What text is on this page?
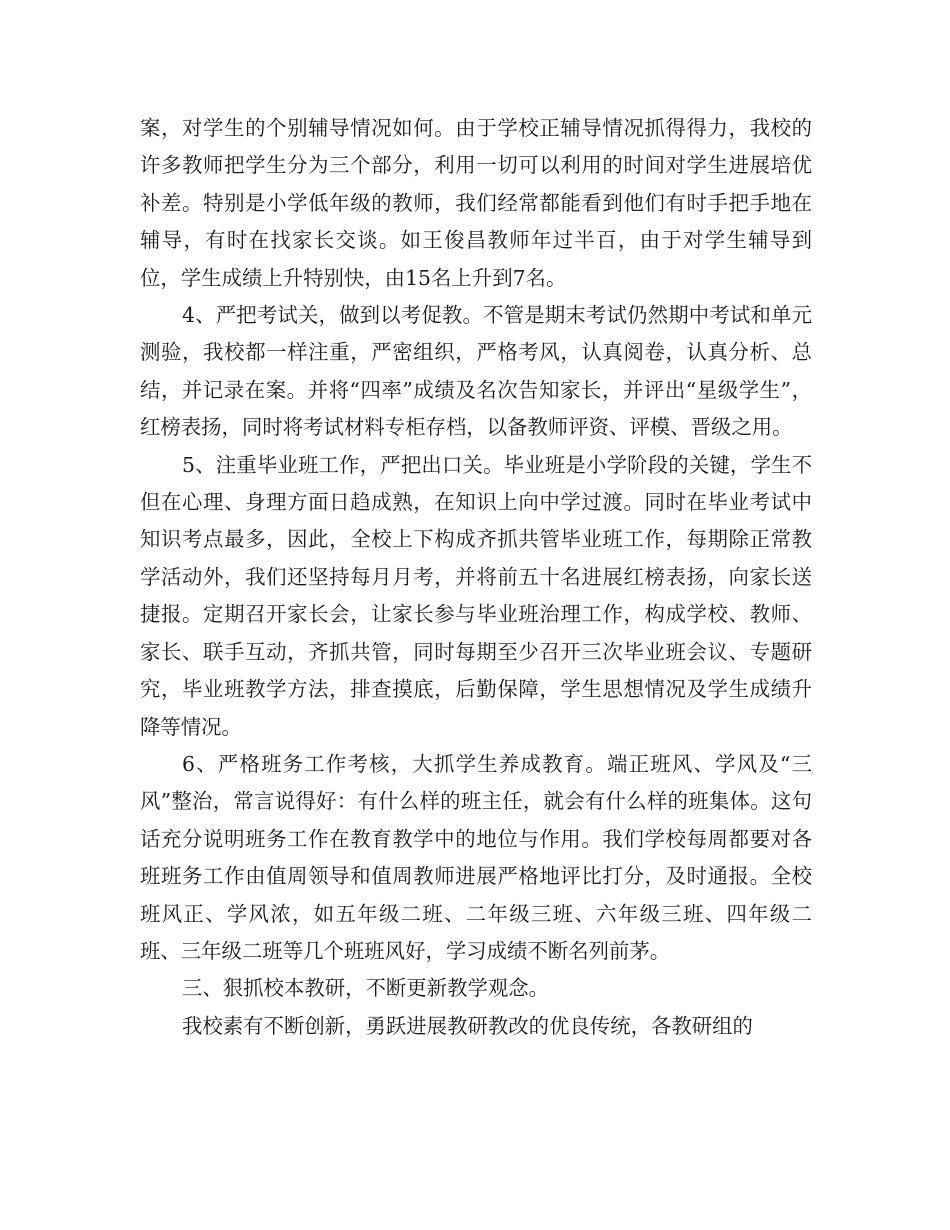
案，对学生的个别辅导情况如何。由于学校正辅导情况抓得得力，我校的许多教师把学生分为三个部分，利用一切可以利用的时间对学生进展培优补差。特别是小学低年级的教师，我们经常都能看到他们有时手把手地在辅导，有时在找家长交谈。如王俊昌教师年过半百，由于对学生辅导到位，学生成绩上升特别快，由15名上升到7名。

4、严把考试关，做到以考促教。不管是期末考试仍然期中考试和单元测验，我校都一样注重，严密组织，严格考风，认真阅卷，认真分析、总结，并记录在案。并将“四率”成绩及名次告知家长，并评出“星级学生”，红榜表扬，同时将考试材料专柜存档，以备教师评资、评模、晋级之用。

5、注重毕业班工作，严把出口关。毕业班是小学阶段的关键，学生不但在心理、身理方面日趋成熟，在知识上向中学过渡。同时在毕业考试中知识考点最多，因此，全校上下构成齐抓共管毕业班工作，每期除正常教学活动外，我们还坚持每月月考，并将前五十名进展红榜表扬，向家长送捷报。定期召开家长会，让家长参与毕业班治理工作，构成学校、教师、家长、联手互动，齐抓共管，同时每期至少召开三次毕业班会议、专题研究，毕业班教学方法，排查摸底，后勤保障，学生思想情况及学生成绩升降等情况。

6、严格班务工作考核，大抓学生养成教育。端正班风、学风及“三风”整治，常言说得好：有什么样的班主任，就会有什么样的班集体。这句话充分说明班务工作在教育教学中的地位与作用。我们学校每周都要对各班班务工作由值周领导和值周教师进展严格地评比打分，及时通报。全校班风正、学风浓，如五年级二班、二年级三班、六年级三班、四年级二班、三年级二班等几个班班风好，学习成绩不断名列前茅。

三、狠抓校本教研，不断更新教学观念。

我校素有不断创新，勇跃进展教研教改的优良传统，各教研组的
